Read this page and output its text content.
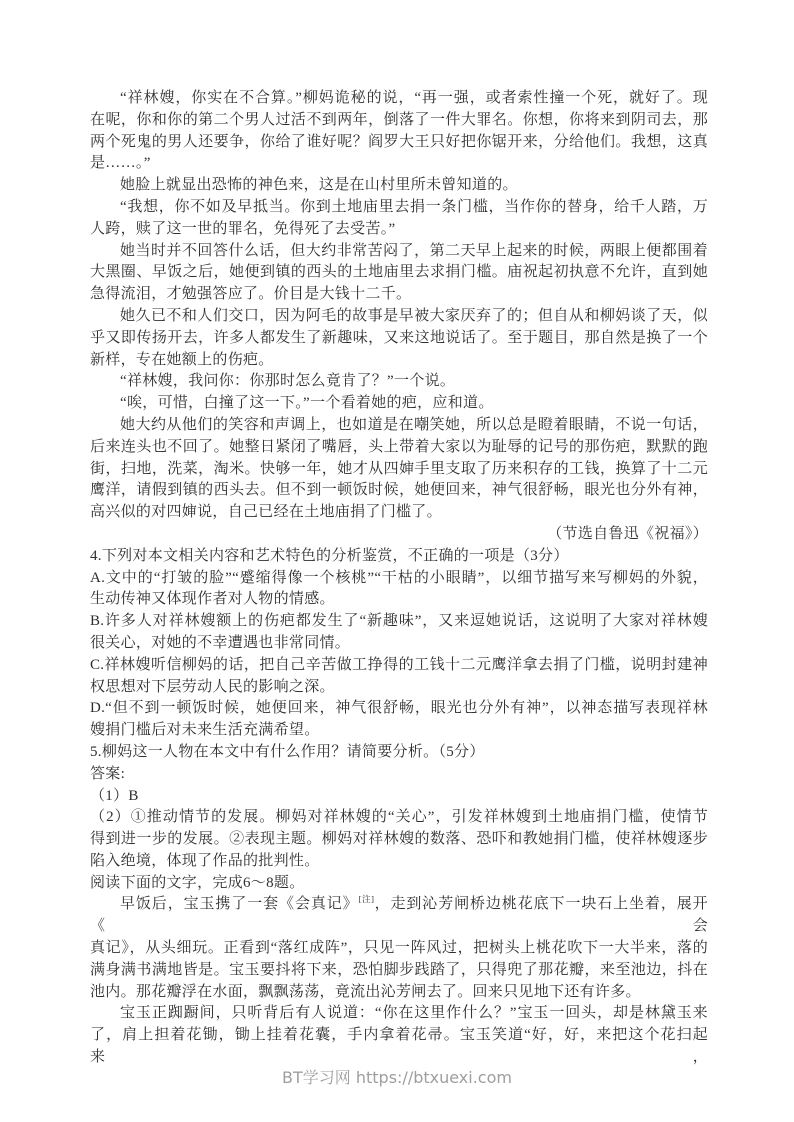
“祥林嫂，你实在不合算。”柳妈诡秘的说，“再一强，或者索性撞一个死，就好了。现
在呢，你和你的第二个男人过活不到两年，倒落了一件大罪名。你想，你将来到阴司去，那
两个死鬼的男人还要争，你给了谁好呢？阎罗大王只好把你锯开来，分给他们。我想，这真
是……。”
她脸上就显出恐怖的神色来，这是在山村里所未曾知道的。
“我想，你不如及早抵当。你到土地庙里去捐一条门槛，当作你的替身，给千人踏，万
人跨，赎了这一世的罪名，免得死了去受苦。”
她当时并不回答什么话，但大约非常苦闷了，第二天早上起来的时候，两眼上便都围着
大黑圈、早饭之后，她便到镇的西头的土地庙里去求捐门槛。庙祝起初执意不允许，直到她
急得流泪，才勉强答应了。价目是大钱十二千。
她久已不和人们交口，因为阿毛的故事是早被大家厌弃了的；但自从和柳妈谈了天，似
乎又即传扬开去，许多人都发生了新趣味，又来这地说话了。至于题目，那自然是换了一个
新样，专在她额上的伤疤。
“祥林嫂，我问你：你那时怎么竟肯了？”一个说。
“唉，可惜，白撞了这一下。”一个看着她的疤，应和道。
她大约从他们的笑容和声调上，也如道是在嘲笑她，所以总是瞪着眼睛，不说一句话，
后来连头也不回了。她整日紧闭了嘴唇，头上带着大家以为耻辱的记号的那伤疤，默默的跑
街，扫地，洗菜，淘米。快够一年，她才从四婶手里支取了历来积存的工钱，换算了十二元
鹰洋，请假到镇的西头去。但不到一顿饭时候，她便回来，神气很舒畅，眼光也分外有神，
高兴似的对四婶说，自己已经在土地庙捐了门槛了。
（节选自鲁迅《祝福》）
4.下列对本文相关内容和艺术特色的分析鉴赏，不正确的一项是（3分）
A.文中的“打皱的脸”“蹙缩得像一个核桃”“干枯的小眼睛”，以细节描写来写柳妈的外貌，
生动传神又体现作者对人物的情感。
B.许多人对祥林嫂额上的伤疤都发生了“新趣味”，又来逗她说话，这说明了大家对祥林嫂
很关心，对她的不幸遭遇也非常同情。
C.祥林嫂听信柳妈的话，把自己辛苦做工挣得的工钱十二元鹰洋拿去捐了门槛，说明封建神
权思想对下层劳动人民的影响之深。
D.“但不到一顿饭时候，她便回来，神气很舒畅，眼光也分外有神”，以神态描写表现祥林
嫂捐门槛后对未来生活充满希望。
5.柳妈这一人物在本文中有什么作用？请简要分析。（5分）
答案:
（1）B
（2）①推动情节的发展。柳妈对祥林嫂的“关心”，引发祥林嫂到土地庙捐门槛，使情节
得到进一步的发展。②表现主题。柳妈对祥林嫂的数落、恐吓和教她捐门槛，使祥林嫂逐步
陷入绝境，体现了作品的批判性。
阅读下面的文字，完成6～8题。
早饭后，宝玉携了一套《会真记》[注]，走到沁芳闸桥边桃花底下一块石上坐着，展开《会
真记》，从头细玩。正看到“落红成阵”，只见一阵风过，把树头上桃花吹下一大半来，落的
满身满书满地皆是。宝玉要抖将下来，恐怕脚步践踏了，只得兜了那花瓣，来至池边，抖在
池内。那花瓣浮在水面，飘飘荡荡，竟流出沁芳闸去了。回来只见地下还有许多。
宝玉正踟蹰间，只听背后有人说道：“你在这里作什么？”宝玉一回头，却是林黛玉来
了，肩上担着花锄，锄上挂着花囊，手内拿着花帚。宝玉笑道“好，好，来把这个花扫起来，
BT学习网 https://btxuexi.com
